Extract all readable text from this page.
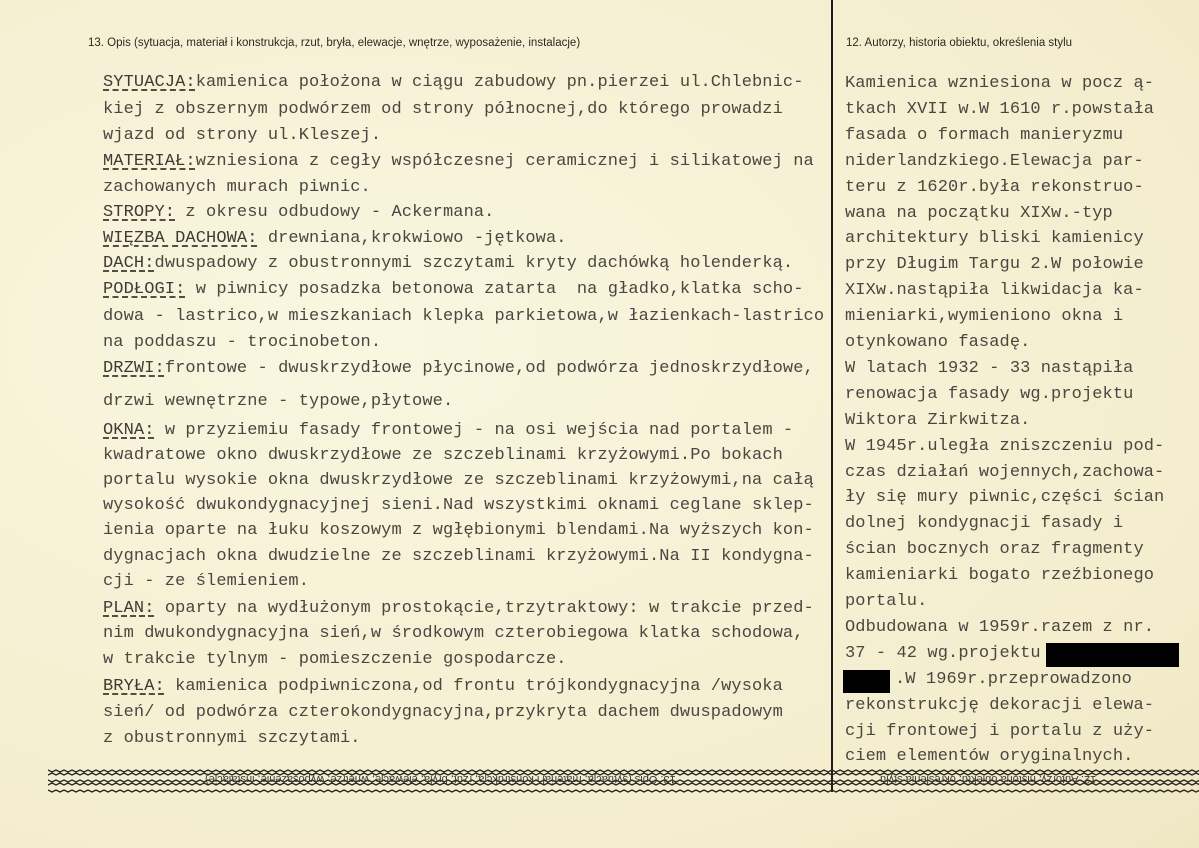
13. Opis (sytuacja, materiał i konstrukcja, rzut, bryła, elewacje, wnętrze, wyposażenie, instalacje)	12. Autorzy, historia obiektu, określenia stylu
SYTUACJA:kamienica położona w ciągu zabudowy pn.pierzei ul.Chlebnic-
kiej z obszernym podwórzem od strony północnej,do którego prowadzi
wjazd od strony ul.Kleszej.
MATERIAŁ:wzniesiona z cegły współczesnej ceramicznej i silikatowej na
zachowanych murach piwnic.
STROPY: z okresu odbudowy - Ackermana.
WIĘZBA DACHOWA: drewniana,krokwiowo -jętkowa.
DACH:dwuspadowy z obustronnymi szczytami kryty dachówką holenderką.
PODŁOGI: w piwnicy posadzka betonowa zatarta  na gładko,klatka scho-
dowa - lastrico,w mieszkaniach klepka parkietowa,w łazienkach-lastrico
na poddaszu - trocinobeton.
DRZWI:frontowe - dwuskrzydłowe płycinowe,od podwórza jednoskrzydłowe,
drzwi wewnętrzne - typowe,płytowe.
OKNA: w przyziemiu fasady frontowej - na osi wejścia nad portalem -
kwadratowe okno dwuskrzydłowe ze szczeblinami krzyżowymi.Po bokach
portalu wysokie okna dwuskrzydłowe ze szczeblinami krzyżowymi,na całą
wysokość dwukondygnacyjnej sieni.Nad wszystkimi oknami ceglane sklep-
ienia oparte na łuku koszowym z wgłębionymi blendami.Na wyższych kon-
dygnacjach okna dwudzielne ze szczeblinami krzyżowymi.Na II kondygna-
cji - ze ślemieniem.
PLAN: oparty na wydłużonym prostokącie,trzytraktowy: w trakcie przed-
nim dwukondygnacyjna sień,w środkowym czterobiegowa klatka schodowa,
w trakcie tylnym - pomieszczenie gospodarcze.
BRYŁA: kamienica podpiwniczona,od frontu trójkondygnacyjna /wysoka
sień/ od podwórza czterokondygnacyjna,przykryta dachem dwuspadowym
z obustronnymi szczytami.
Kamienica wzniesiona w pocz ą-
tkach XVII w.W 1610 r.powstała
fasada o formach manieryzmu
niderlandzkiego.Elewacja par-
teru z 1620r.była rekonstruo-
wana na początku XIXw.-typ
architektury bliski kamienicy
przy Długim Targu 2.W połowie
XIXw.nastąpiła likwidacja ka-
mieniarki,wymieniono okna i
otynkowano fasadę.
W latach 1932 - 33 nastąpiła
renowacja fasady wg.projektu
Wiktora Zirkwitza.
W 1945r.uległa zniszczeniu pod-
czas działań wojennych,zachowa-
ły się mury piwnic,części ścian
dolnej kondygnacji fasady i
ścian bocznych oraz fragmenty
kamieniarki bogato rzeźbionego
portalu.
Odbudowana w 1959r.razem z nr.
37 - 42 wg.projektu
.W 1969r.przeprowadzono
rekonstrukcję dekoracji elewa-
cji frontowej i portalu z uży-
ciem elementów oryginalnych.
13. Opis (sytuacja, materiał i konstrukcja, rzut, bryła, elewacje, wnętrze, wyposażenie, instalacje)	12. Autorzy, historia obiektu, określenia stylu
